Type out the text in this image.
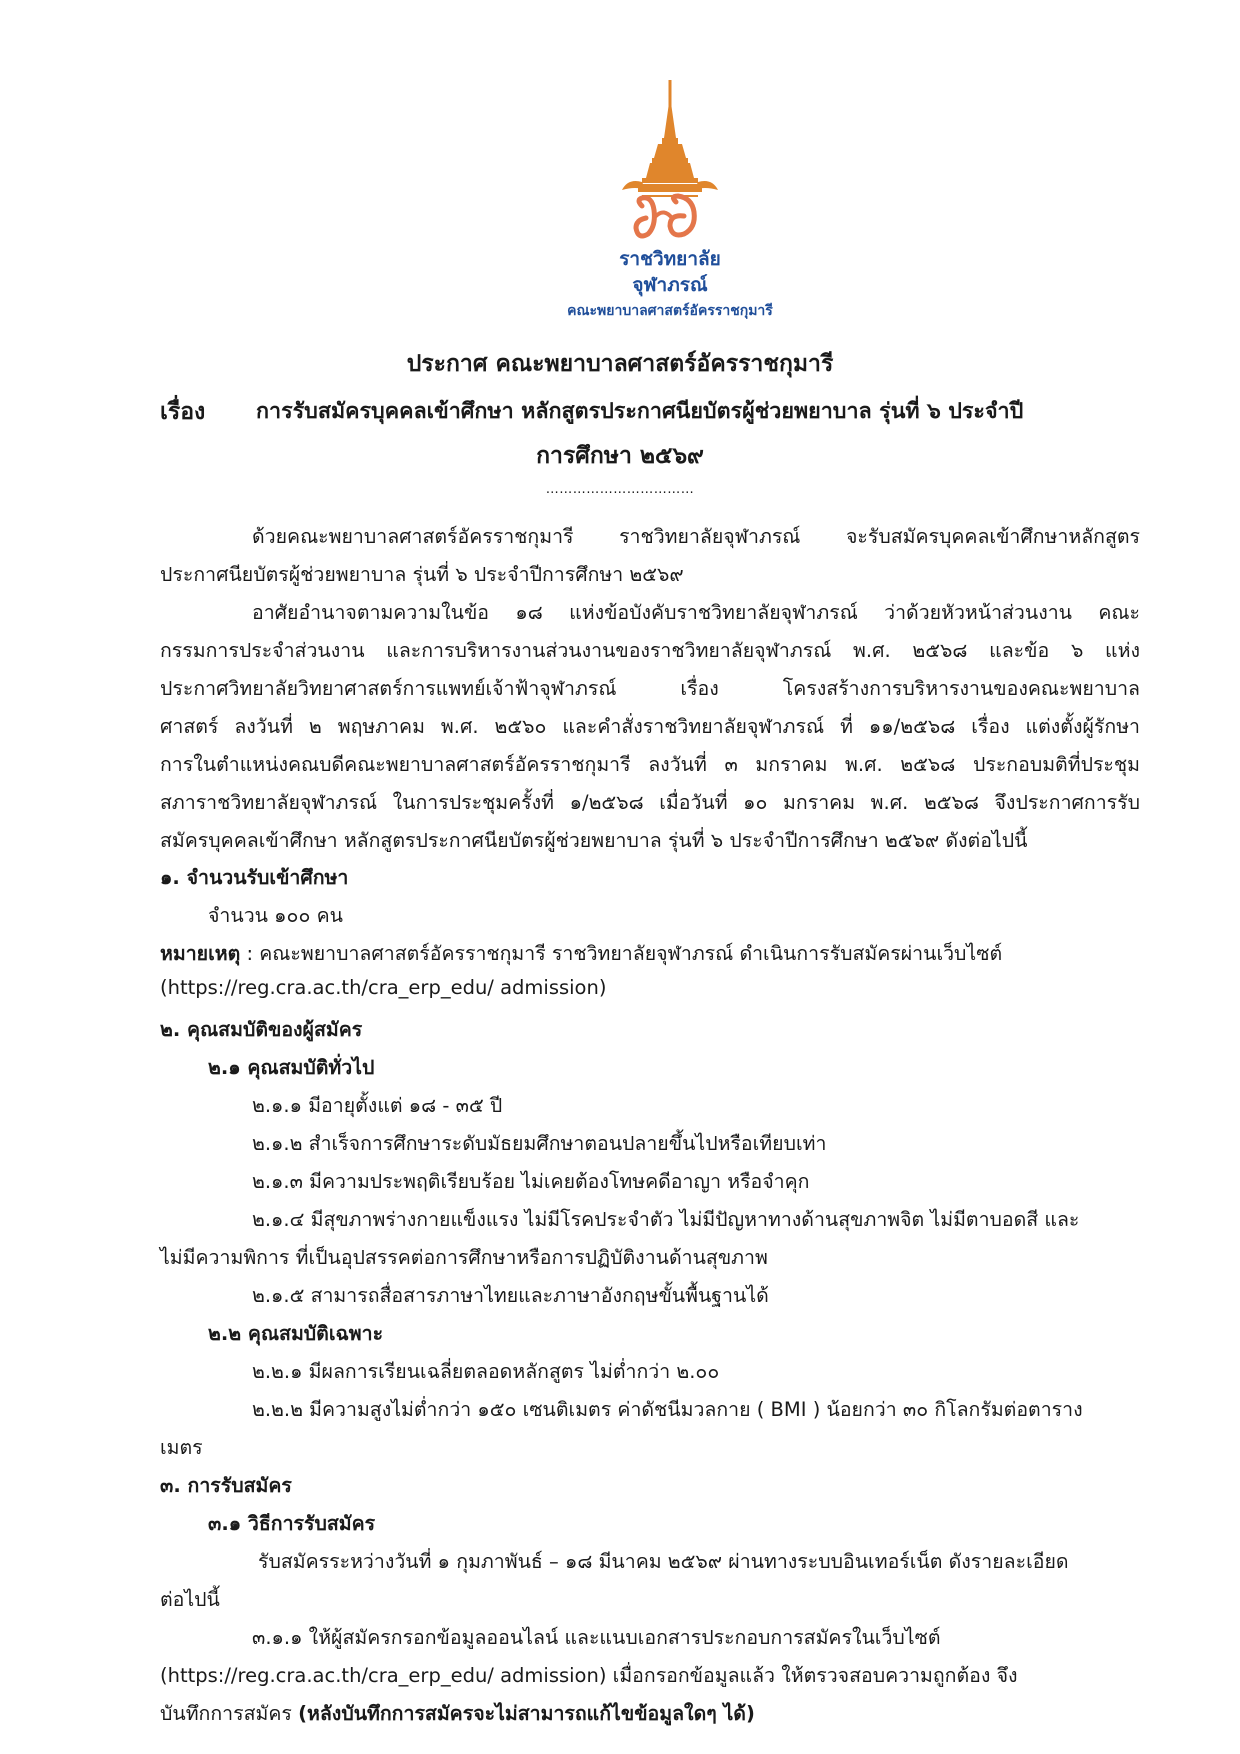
ราชวิทยาลัย
จุฬาภรณ์
คณะพยาบาลศาสตร์อัครราชกุมารี
ประกาศ คณะพยาบาลศาสตร์อัครราชกุมารี
เรื่อง การรับสมัครบุคคลเข้าศึกษา หลักสูตรประกาศนียบัตรผู้ช่วยพยาบาล รุ่นที่ ๖ ประจำปี
การศึกษา ๒๕๖๙
……………………………
ด้วยคณะพยาบาลศาสตร์อัครราชกุมารี ราชวิทยาลัยจุฬาภรณ์ จะรับสมัครบุคคลเข้าศึกษาหลักสูตร
ประกาศนียบัตรผู้ช่วยพยาบาล รุ่นที่ ๖ ประจำปีการศึกษา ๒๕๖๙
อาศัยอำนาจตามความในข้อ ๑๘ แห่งข้อบังคับราชวิทยาลัยจุฬาภรณ์ ว่าด้วยหัวหน้าส่วนงาน คณะ
กรรมการประจำส่วนงาน และการบริหารงานส่วนงานของราชวิทยาลัยจุฬาภรณ์ พ.ศ. ๒๕๖๘ และข้อ ๖ แห่ง
ประกาศวิทยาลัยวิทยาศาสตร์การแพทย์เจ้าฟ้าจุฬาภรณ์ เรื่อง โครงสร้างการบริหารงานของคณะพยาบาล
ศาสตร์ ลงวันที่ ๒ พฤษภาคม พ.ศ. ๒๕๖๐ และคำสั่งราชวิทยาลัยจุฬาภรณ์ ที่ ๑๑/๒๕๖๘ เรื่อง แต่งตั้งผู้รักษา
การในตำแหน่งคณบดีคณะพยาบาลศาสตร์อัครราชกุมารี ลงวันที่ ๓ มกราคม พ.ศ. ๒๕๖๘ ประกอบมติที่ประชุม
สภาราชวิทยาลัยจุฬาภรณ์ ในการประชุมครั้งที่ ๑/๒๕๖๘ เมื่อวันที่ ๑๐ มกราคม พ.ศ. ๒๕๖๘ จึงประกาศการรับ
สมัครบุคคลเข้าศึกษา หลักสูตรประกาศนียบัตรผู้ช่วยพยาบาล รุ่นที่ ๖ ประจำปีการศึกษา ๒๕๖๙ ดังต่อไปนี้
๑. จำนวนรับเข้าศึกษา
จำนวน ๑๐๐ คน
หมายเหตุ : คณะพยาบาลศาสตร์อัครราชกุมารี ราชวิทยาลัยจุฬาภรณ์ ดำเนินการรับสมัครผ่านเว็บไซต์
(https://reg.cra.ac.th/cra_erp_edu/ admission)
๒. คุณสมบัติของผู้สมัคร
๒.๑ คุณสมบัติทั่วไป
๒.๑.๑ มีอายุตั้งแต่ ๑๘ - ๓๕ ปี
๒.๑.๒ สำเร็จการศึกษาระดับมัธยมศึกษาตอนปลายขึ้นไปหรือเทียบเท่า
๒.๑.๓ มีความประพฤติเรียบร้อย ไม่เคยต้องโทษคดีอาญา หรือจำคุก
๒.๑.๔ มีสุขภาพร่างกายแข็งแรง ไม่มีโรคประจำตัว ไม่มีปัญหาทางด้านสุขภาพจิต ไม่มีตาบอดสี และ
ไม่มีความพิการ ที่เป็นอุปสรรคต่อการศึกษาหรือการปฏิบัติงานด้านสุขภาพ
๒.๑.๕ สามารถสื่อสารภาษาไทยและภาษาอังกฤษขั้นพื้นฐานได้
๒.๒ คุณสมบัติเฉพาะ
๒.๒.๑ มีผลการเรียนเฉลี่ยตลอดหลักสูตร ไม่ต่ำกว่า ๒.๐๐
๒.๒.๒ มีความสูงไม่ต่ำกว่า ๑๕๐ เซนติเมตร ค่าดัชนีมวลกาย ( BMI ) น้อยกว่า ๓๐ กิโลกรัมต่อตาราง
เมตร
๓. การรับสมัคร
๓.๑ วิธีการรับสมัคร
รับสมัครระหว่างวันที่ ๑ กุมภาพันธ์ – ๑๘ มีนาคม ๒๕๖๙ ผ่านทางระบบอินเทอร์เน็ต ดังรายละเอียด
ต่อไปนี้
๓.๑.๑ ให้ผู้สมัครกรอกข้อมูลออนไลน์ และแนบเอกสารประกอบการสมัครในเว็บไซต์
(https://reg.cra.ac.th/cra_erp_edu/ admission) เมื่อกรอกข้อมูลแล้ว ให้ตรวจสอบความถูกต้อง จึง
บันทึกการสมัคร (หลังบันทึกการสมัครจะไม่สามารถแก้ไขข้อมูลใดๆ ได้)
